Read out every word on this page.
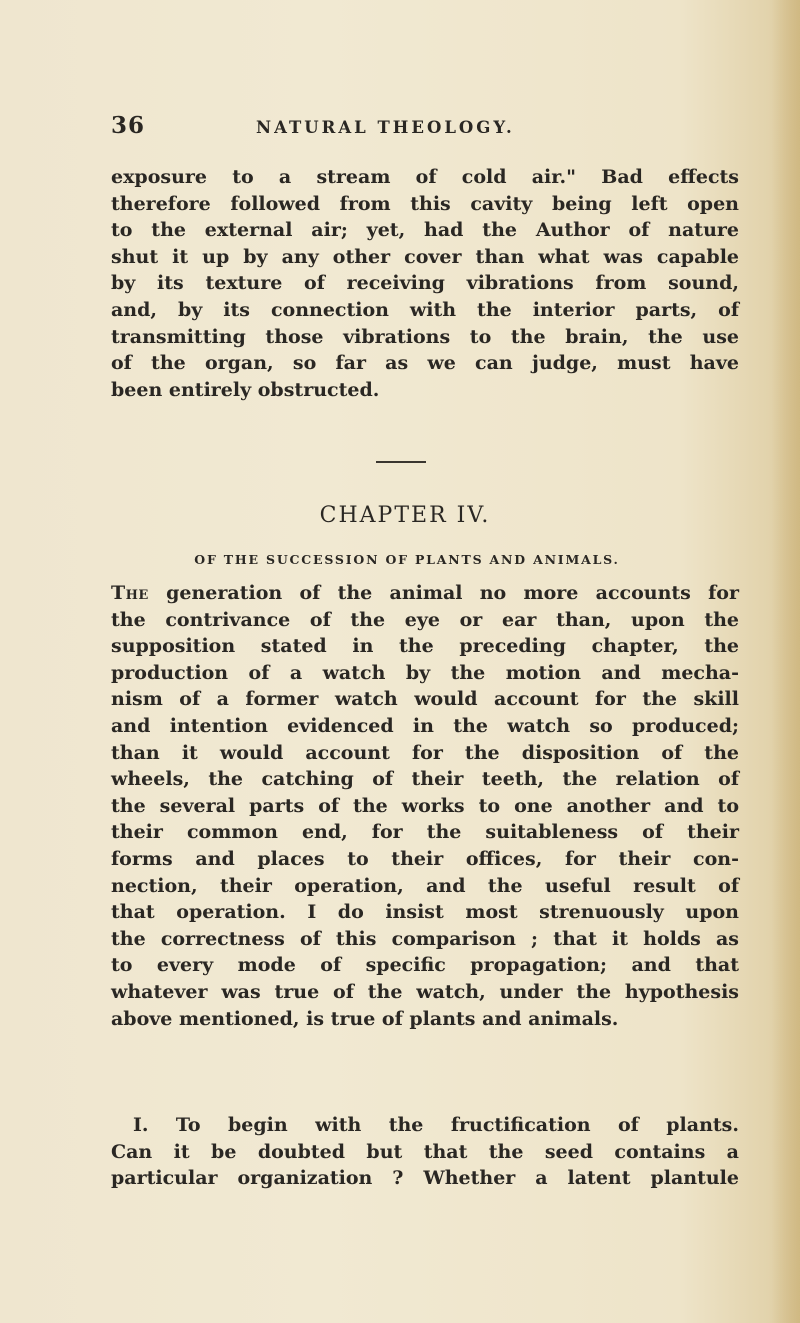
36	NATURAL THEOLOGY.
exposure to a stream of cold air." Bad effects
therefore followed from this cavity being left open
to the external air; yet, had the Author of nature
shut it up by any other cover than what was capable
by its texture of receiving vibrations from sound,
and, by its connection with the interior parts, of
transmitting those vibrations to the brain, the use
of the organ, so far as we can judge, must have
been entirely obstructed.
CHAPTER IV.
OF THE SUCCESSION OF PLANTS AND ANIMALS.
The generation of the animal no more accounts for
the contrivance of the eye or ear than, upon the
supposition stated in the preceding chapter, the
production of a watch by the motion and mecha-
nism of a former watch would account for the skill
and intention evidenced in the watch so produced;
than it would account for the disposition of the
wheels, the catching of their teeth, the relation of
the several parts of the works to one another and to
their common end, for the suitableness of their
forms and places to their offices, for their con-
nection, their operation, and the useful result of
that operation. I do insist most strenuously upon
the correctness of this comparison ; that it holds as
to every mode of specific propagation; and that
whatever was true of the watch, under the hypothesis
above mentioned, is true of plants and animals.
I. To begin with the fructification of plants.
Can it be doubted but that the seed contains a
particular organization ? Whether a latent plantule
